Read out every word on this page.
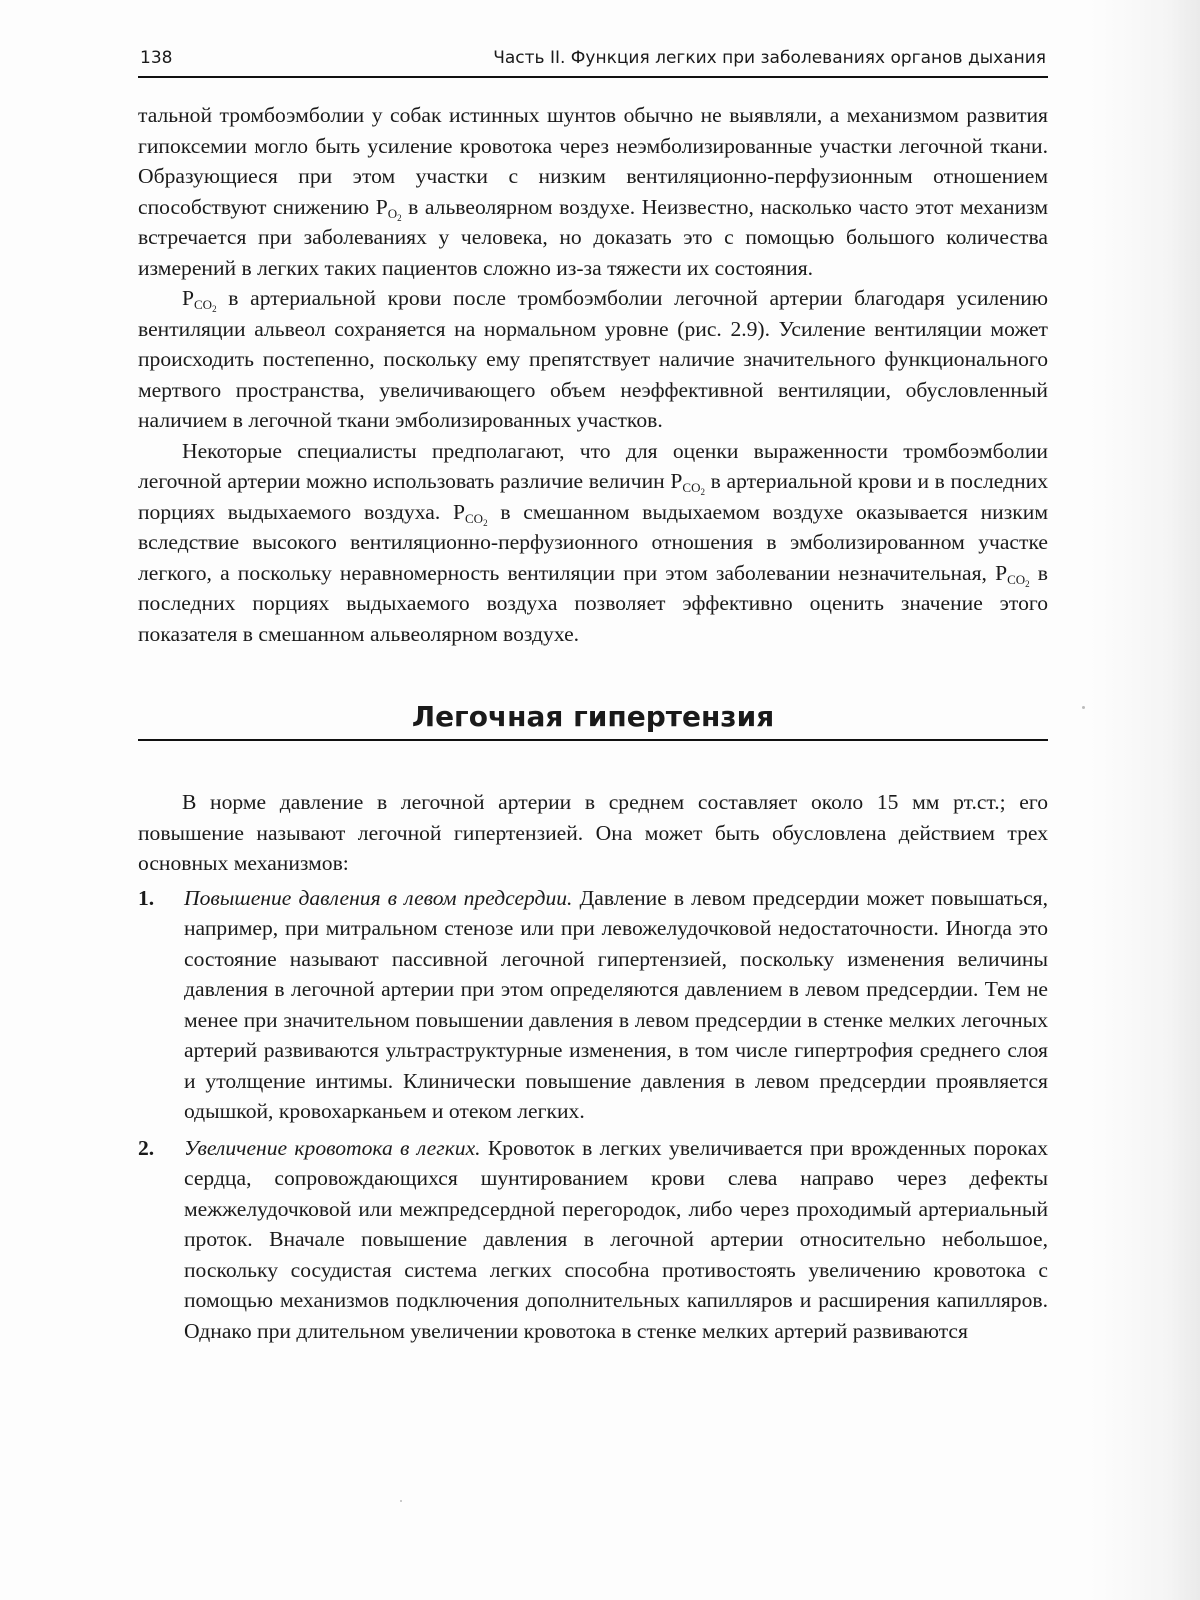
138	Часть II. Функция легких при заболеваниях органов дыхания

тальной тромбоэмболии у собак истинных шунтов обычно не выявляли, а механизмом развития гипоксемии могло быть усиление кровотока через неэмболизированные участки легочной ткани. Образующиеся при этом участки с низким вентиляционно-перфузионным отношением способствуют снижению $P_{O_2}$ в альвеолярном воздухе. Неизвестно, насколько часто этот механизм встречается при заболеваниях у человека, но доказать это с помощью большого количества измерений в легких таких пациентов сложно из-за тяжести их состояния.

$P_{CO_2}$ в артериальной крови после тромбоэмболии легочной артерии благодаря усилению вентиляции альвеол сохраняется на нормальном уровне (рис. 2.9). Усиление вентиляции может происходить постепенно, поскольку ему препятствует наличие значительного функционального мертвого пространства, увеличивающего объем неэффективной вентиляции, обусловленный наличием в легочной ткани эмболизированных участков.

Некоторые специалисты предполагают, что для оценки выраженности тромбоэмболии легочной артерии можно использовать различие величин $P_{CO_2}$ в артериальной крови и в последних порциях выдыхаемого воздуха. $P_{CO_2}$ в смешанном выдыхаемом воздухе оказывается низким вследствие высокого вентиляционно-перфузионного отношения в эмболизированном участке легкого, а поскольку неравномерность вентиляции при этом заболевании незначительная, $P_{CO_2}$ в последних порциях выдыхаемого воздуха позволяет эффективно оценить значение этого показателя в смешанном альвеолярном воздухе.

Легочная гипертензия

В норме давление в легочной артерии в среднем составляет около 15 мм рт.ст.; его повышение называют легочной гипертензией. Она может быть обусловлена действием трех основных механизмов:

1. Повышение давления в левом предсердии. Давление в левом предсердии может повышаться, например, при митральном стенозе или при левожелудочковой недостаточности. Иногда это состояние называют пассивной легочной гипертензией, поскольку изменения величины давления в легочной артерии при этом определяются давлением в левом предсердии. Тем не менее при значительном повышении давления в левом предсердии в стенке мелких легочных артерий развиваются ультраструктурные изменения, в том числе гипертрофия среднего слоя и утолщение интимы. Клинически повышение давления в левом предсердии проявляется одышкой, кровохарканьем и отеком легких.
2. Увеличение кровотока в легких. Кровоток в легких увеличивается при врожденных пороках сердца, сопровождающихся шунтированием крови слева направо через дефекты межжелудочковой или межпредсердной перегородок, либо через проходимый артериальный проток. Вначале повышение давления в легочной артерии относительно небольшое, поскольку сосудистая система легких способна противостоять увеличению кровотока с помощью механизмов подключения дополнительных капилляров и расширения капилляров. Однако при длительном увеличении кровотока в стенке мелких артерий развиваются
